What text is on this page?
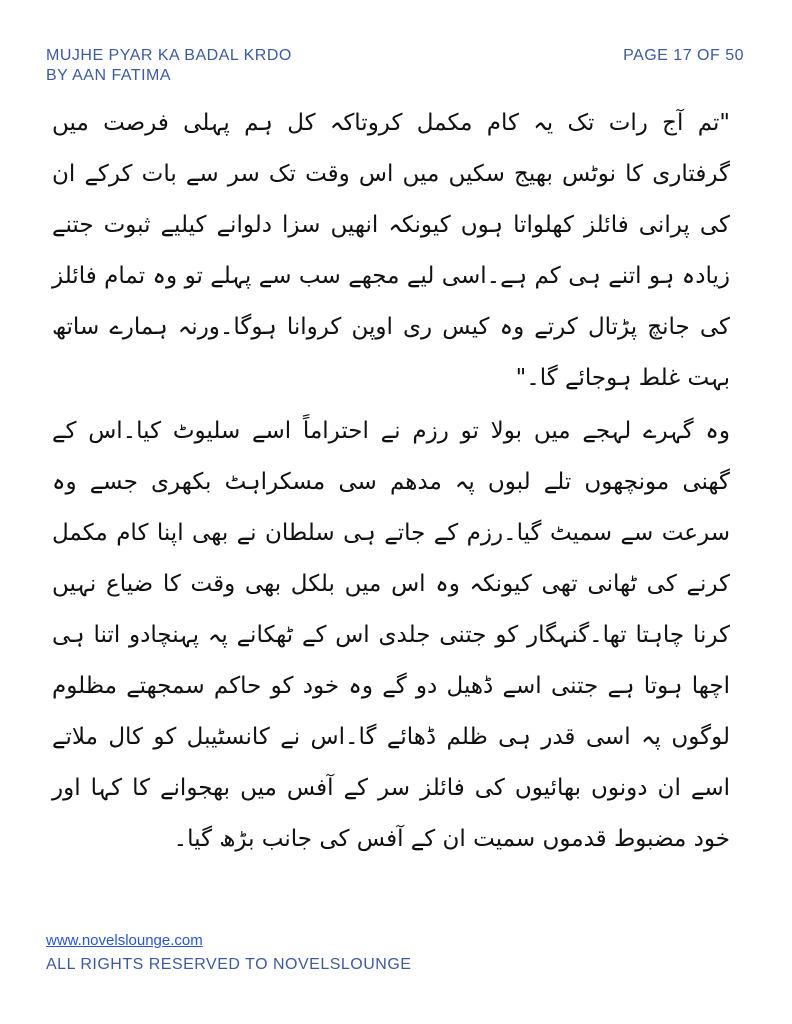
MUJHE PYAR KA BADAL KRDO
BY AAN FATIMA
PAGE 17 OF 50
"تم آج رات تک یہ کام مکمل کروتاکہ کل ہم پہلی فرصت میں گرفتاری کا نوٹس بھیج سکیں میں اس وقت تک سر سے بات کرکے ان کی پرانی فائلز کھلواتا ہوں کیونکہ انھیں سزا دلوانے کیلیے ثبوت جتنے زیادہ ہو اتنے ہی کم ہے۔اسی لیے مجھے سب سے پہلے تو وہ تمام فائلز کی جانچ پڑتال کرتے وہ کیس ری اوپن کروانا ہوگا۔ورنہ ہمارے ساتھ بہت غلط ہوجائے گا۔"
وہ گہرے لہجے میں بولا تو رزم نے احتراماً اسے سلیوٹ کیا۔اس کے گھنی مونچھوں تلے لبوں پہ مدھم سی مسکراہٹ بکھری جسے وہ سرعت سے سمیٹ گیا۔رزم کے جاتے ہی سلطان نے بھی اپنا کام مکمل کرنے کی ٹھانی تھی کیونکہ وہ اس میں بلکل بھی وقت کا ضیاع نہیں کرنا چاہتا تھا۔گنہگار کو جتنی جلدی اس کے ٹھکانے پہ پہنچادو اتنا ہی اچھا ہوتا ہے جتنی اسے ڈھیل دو گے وہ خود کو حاکم سمجھتے مظلوم لوگوں پہ اسی قدر ہی ظلم ڈھائے گا۔اس نے کانسٹیبل کو کال ملاتے اسے ان دونوں بھائیوں کی فائلز سر کے آفس میں بھجوانے کا کہا اور خود مضبوط قدموں سمیت ان کے آفس کی جانب بڑھ گیا۔
www.novelslounge.com
ALL RIGHTS RESERVED TO NOVELSLOUNGE
